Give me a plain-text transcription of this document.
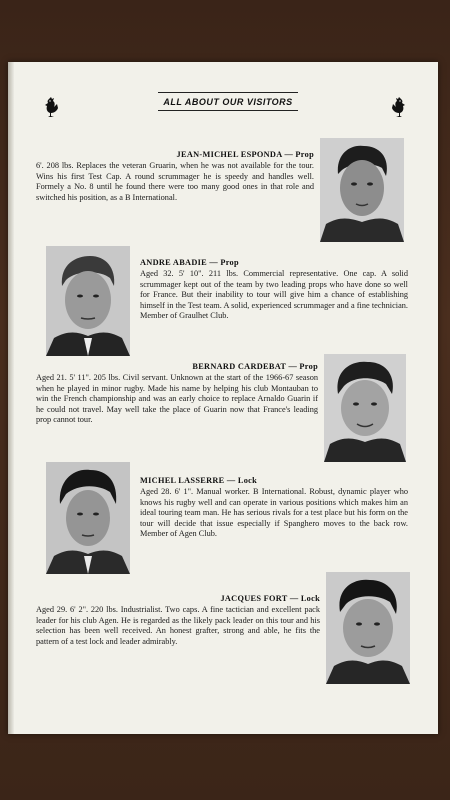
ALL ABOUT OUR VISITORS
JEAN-MICHEL ESPONDA — Prop
6'. 208 lbs. Replaces the veteran Gruarin, when he was not available for the tour. Wins his first Test Cap. A round scrummager he is speedy and handles well. Formely a No. 8 until he found there were too many good ones in that role and switched his position, as a B International.
ANDRE ABADIE — Prop
Aged 32. 5' 10". 211 lbs. Commercial representative. One cap. A solid scrummager kept out of the team by two leading props who have done so well for France. But their inability to tour will give him a chance of establishing himself in the Test team. A solid, experienced scrummager and a fine technician. Member of Graulhet Club.
BERNARD CARDEBAT — Prop
Aged 21. 5' 11". 205 lbs. Civil servant. Unknown at the start of the 1966-67 season when he played in minor rugby. Made his name by helping his club Montauban to win the French championship and was an early choice to replace Arnaldo Guarin if he could not travel. May well take the place of Guarin now that France's leading prop cannot tour.
MICHEL LASSERRE — Lock
Aged 28. 6' 1". Manual worker. B International. Robust, dynamic player who knows his rugby well and can operate in various positions which makes him an ideal touring team man. He has serious rivals for a test place but his form on the tour will decide that issue especially if Spanghero moves to the back row. Member of Agen Club.
JACQUES FORT — Lock
Aged 29. 6' 2". 220 lbs. Industrialist. Two caps. A fine tactician and excellent pack leader for his club Agen. He is regarded as the likely pack leader on this tour and his selection has been well received. An honest grafter, strong and able, he fits the pattern of a test lock and leader admirably.
